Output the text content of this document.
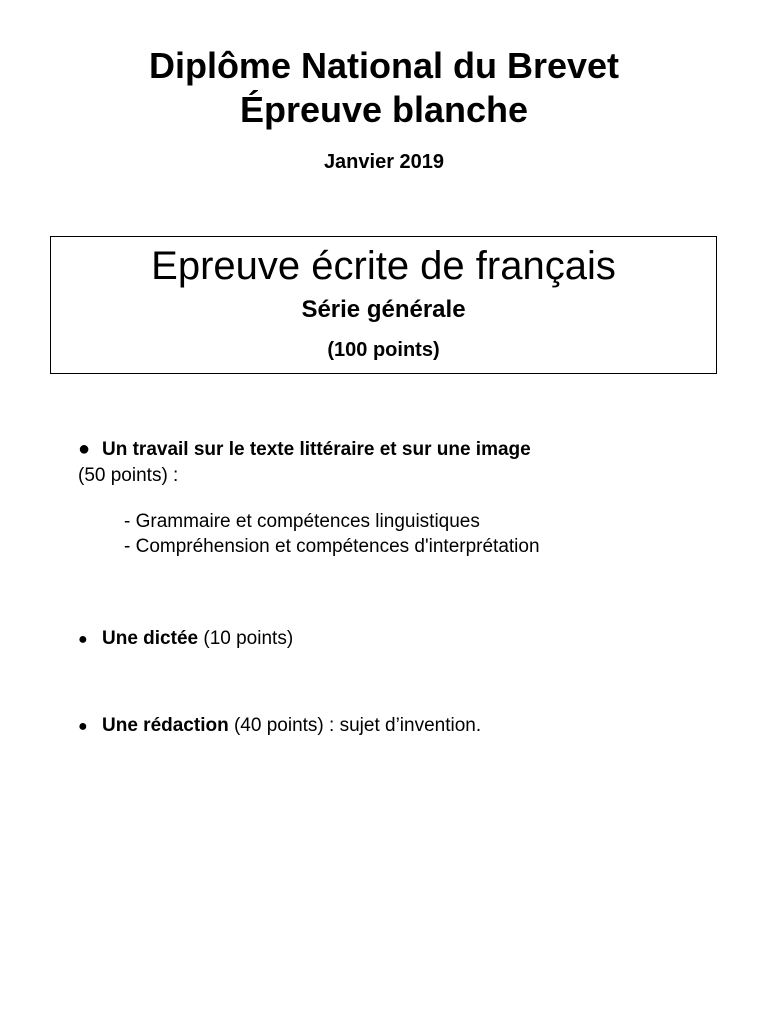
Diplôme National du Brevet
Épreuve blanche
Janvier 2019
Epreuve écrite de français
Série générale
(100 points)
● Un travail sur le texte littéraire et sur une image
(50 points) :
- Grammaire et compétences linguistiques
- Compréhension et compétences d'interprétation
● Une dictée (10 points)
● Une rédaction (40 points) : sujet d’invention.
